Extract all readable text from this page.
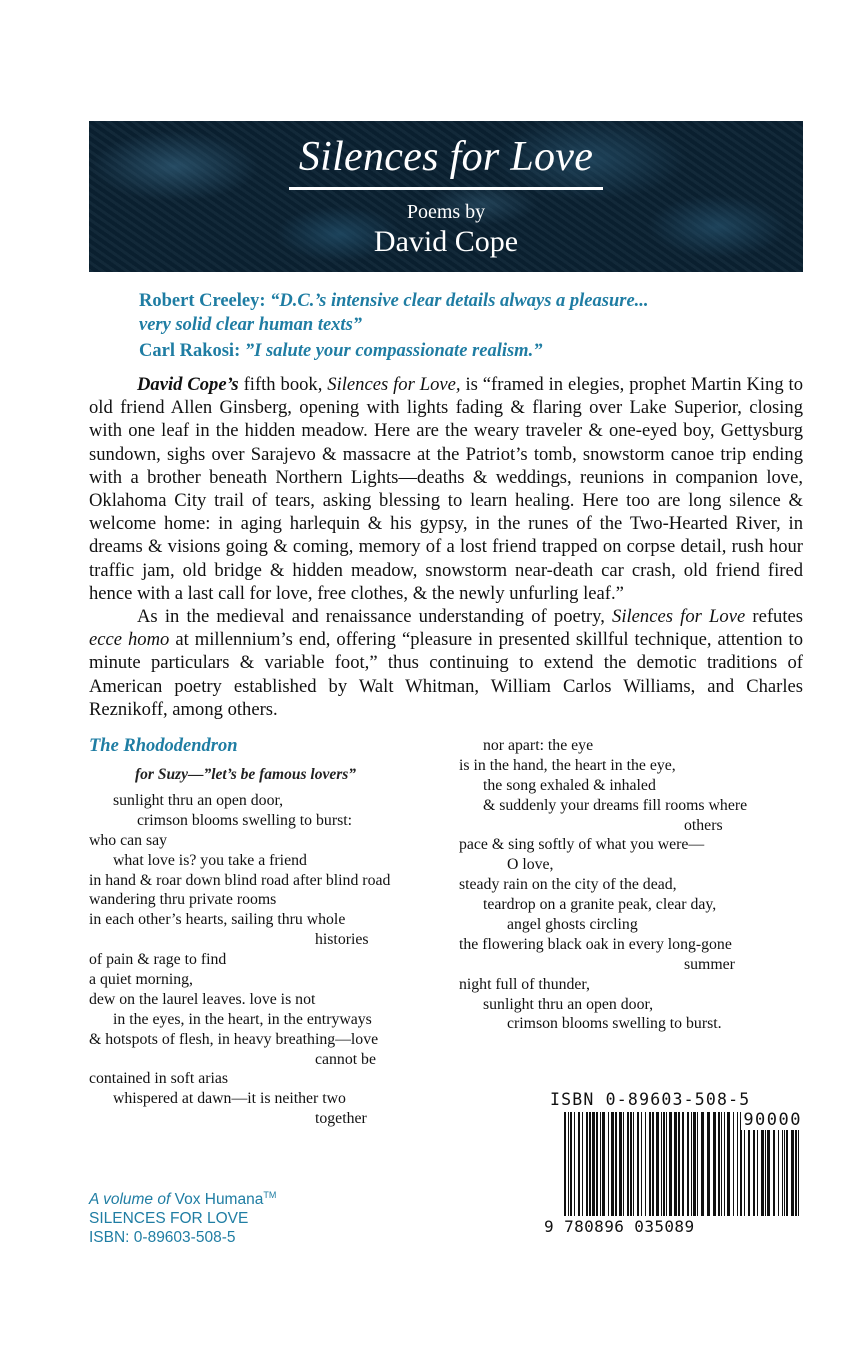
Silences for Love
Poems by
David Cope
Robert Creeley: “D.C.’s intensive clear details always a pleasure...
very solid clear human texts”
Carl Rakosi: ”I salute your compassionate realism.”

David Cope’s fifth book, Silences for Love, is “framed in elegies, prophet Martin King to old friend Allen Ginsberg, opening with lights fading & flaring over Lake Superior, closing with one leaf in the hidden meadow. Here are the weary traveler & one-eyed boy, Gettysburg sundown, sighs over Sarajevo & massacre at the Patriot’s tomb, snowstorm canoe trip ending with a brother beneath Northern Lights—deaths & weddings, reunions in companion love, Oklahoma City trail of tears, asking blessing to learn healing. Here too are long silence & welcome home: in aging harlequin & his gypsy, in the runes of the Two-Hearted River, in dreams & visions going & coming, memory of a lost friend trapped on corpse detail, rush hour traffic jam, old bridge & hidden meadow, snowstorm near-death car crash, old friend fired hence with a last call for love, free clothes, & the newly unfurling leaf.”

As in the medieval and renaissance understanding of poetry, Silences for Love refutes ecce homo at millennium’s end, offering “pleasure in presented skillful technique, attention to minute particulars & variable foot,” thus continuing to extend the demotic traditions of American poetry established by Walt Whitman, William Carlos Williams, and Charles Reznikoff, among others.

The Rhododendron
for Suzy—”let’s be famous lovers”
sunlight thru an open door,
crimson blooms swelling to burst:
who can say
what love is? you take a friend
in hand & roar down blind road after blind road
wandering thru private rooms
in each other’s hearts, sailing thru whole
histories
of pain & rage to find
a quiet morning,
dew on the laurel leaves. love is not
in the eyes, in the heart, in the entryways
& hotspots of flesh, in heavy breathing—love
cannot be
contained in soft arias
whispered at dawn—it is neither two
together
nor apart: the eye
is in the hand, the heart in the eye,
the song exhaled & inhaled
& suddenly your dreams fill rooms where
others
pace & sing softly of what you were—
O love,
steady rain on the city of the dead,
teardrop on a granite peak, clear day,
angel ghosts circling
the flowering black oak in every long-gone
summer
night full of thunder,
sunlight thru an open door,
crimson blooms swelling to burst.
ISBN 0-89603-508-5
90000
9 780896 035089
A volume of Vox Humana™
SILENCES FOR LOVE
ISBN: 0-89603-508-5
